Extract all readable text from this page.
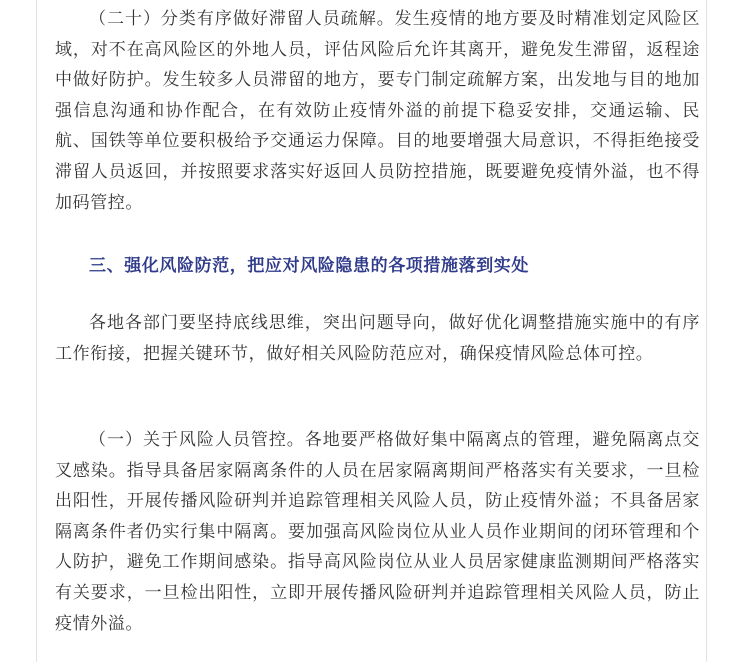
（二十）分类有序做好滞留人员疏解。发生疫情的地方要及时精准划定风险区域，对不在高风险区的外地人员，评估风险后允许其离开，避免发生滞留，返程途中做好防护。发生较多人员滞留的地方，要专门制定疏解方案，出发地与目的地加强信息沟通和协作配合，在有效防止疫情外溢的前提下稳妥安排，交通运输、民航、国铁等单位要积极给予交通运力保障。目的地要增强大局意识，不得拒绝接受滞留人员返回，并按照要求落实好返回人员防控措施，既要避免疫情外溢，也不得加码管控。

三、强化风险防范，把应对风险隐患的各项措施落到实处

各地各部门要坚持底线思维，突出问题导向，做好优化调整措施实施中的有序工作衔接，把握关键环节，做好相关风险防范应对，确保疫情风险总体可控。

（一）关于风险人员管控。各地要严格做好集中隔离点的管理，避免隔离点交叉感染。指导具备居家隔离条件的人员在居家隔离期间严格落实有关要求，一旦检出阳性，开展传播风险研判并追踪管理相关风险人员，防止疫情外溢；不具备居家隔离条件者仍实行集中隔离。要加强高风险岗位从业人员作业期间的闭环管理和个人防护，避免工作期间感染。指导高风险岗位从业人员居家健康监测期间严格落实有关要求，一旦检出阳性，立即开展传播风险研判并追踪管理相关风险人员，防止疫情外溢。
